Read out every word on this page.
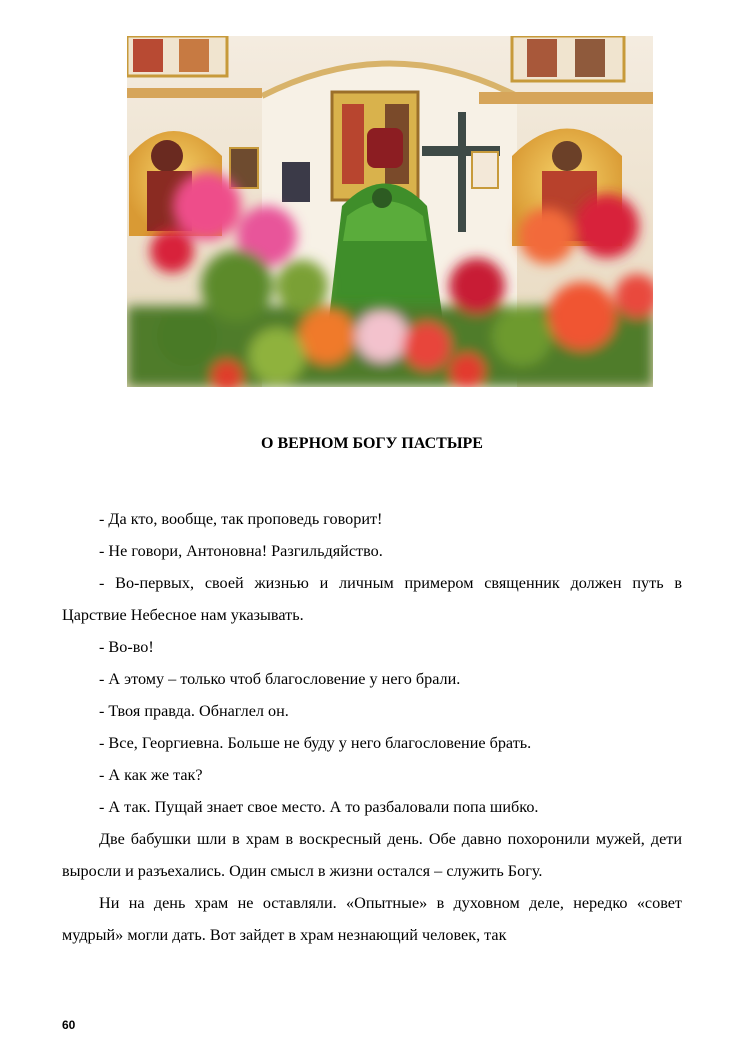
О ВЕРНОМ БОГУ ПАСТЫРЕ

- Да кто, вообще, так проповедь говорит!

- Не говори, Антоновна! Разгильдяйство.

- Во-первых, своей жизнью и личным примером священник должен путь в Царствие Небесное нам указывать.

- Во-во!

- А этому – только чтоб благословение у него брали.

- Твоя правда. Обнаглел он.

- Все, Георгиевна. Больше не буду у него благословение брать.

- А как же так?

- А так. Пущай знает свое место. А то разбаловали попа шибко.

Две бабушки шли в храм в воскресный день. Обе давно похоронили мужей, дети выросли и разъехались. Один смысл в жизни остался – служить Богу.

Ни на день храм не оставляли. «Опытные» в духовном деле, нередко «совет мудрый» могли дать. Вот зайдет в храм незнающий человек, так

60
